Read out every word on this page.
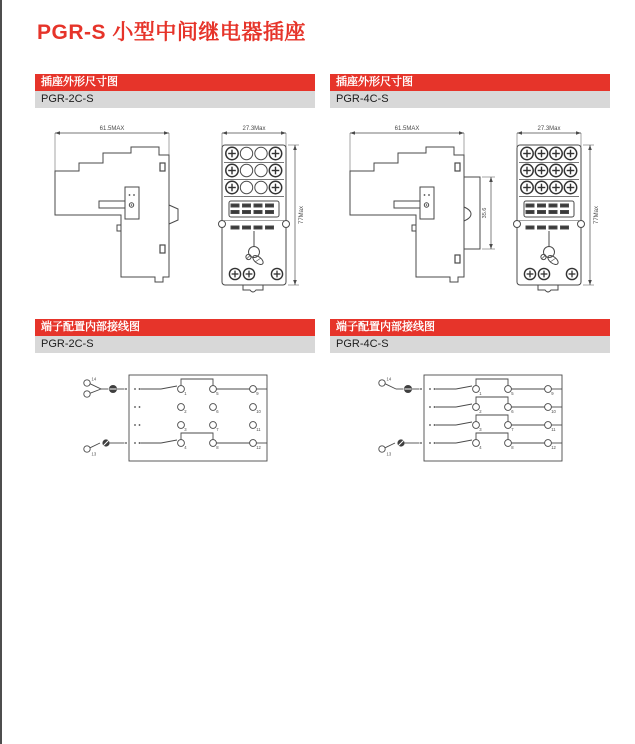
PGR-S 小型中间继电器插座
插座外形尺寸图
PGR-2C-S
61.5MAX	27.3Max
77Max
插座外形尺寸图
PGR-4C-S
61.5MAX
35.6
27.3Max
77Max
端子配置内部接线图
PGR-2C-S
14
13
1	5	9
2	6	10
3	7	11
4	8	12
端子配置内部接线图
PGR-4C-S
14
13
1	5	9
2	6	10
3	7	11
4	8	12
